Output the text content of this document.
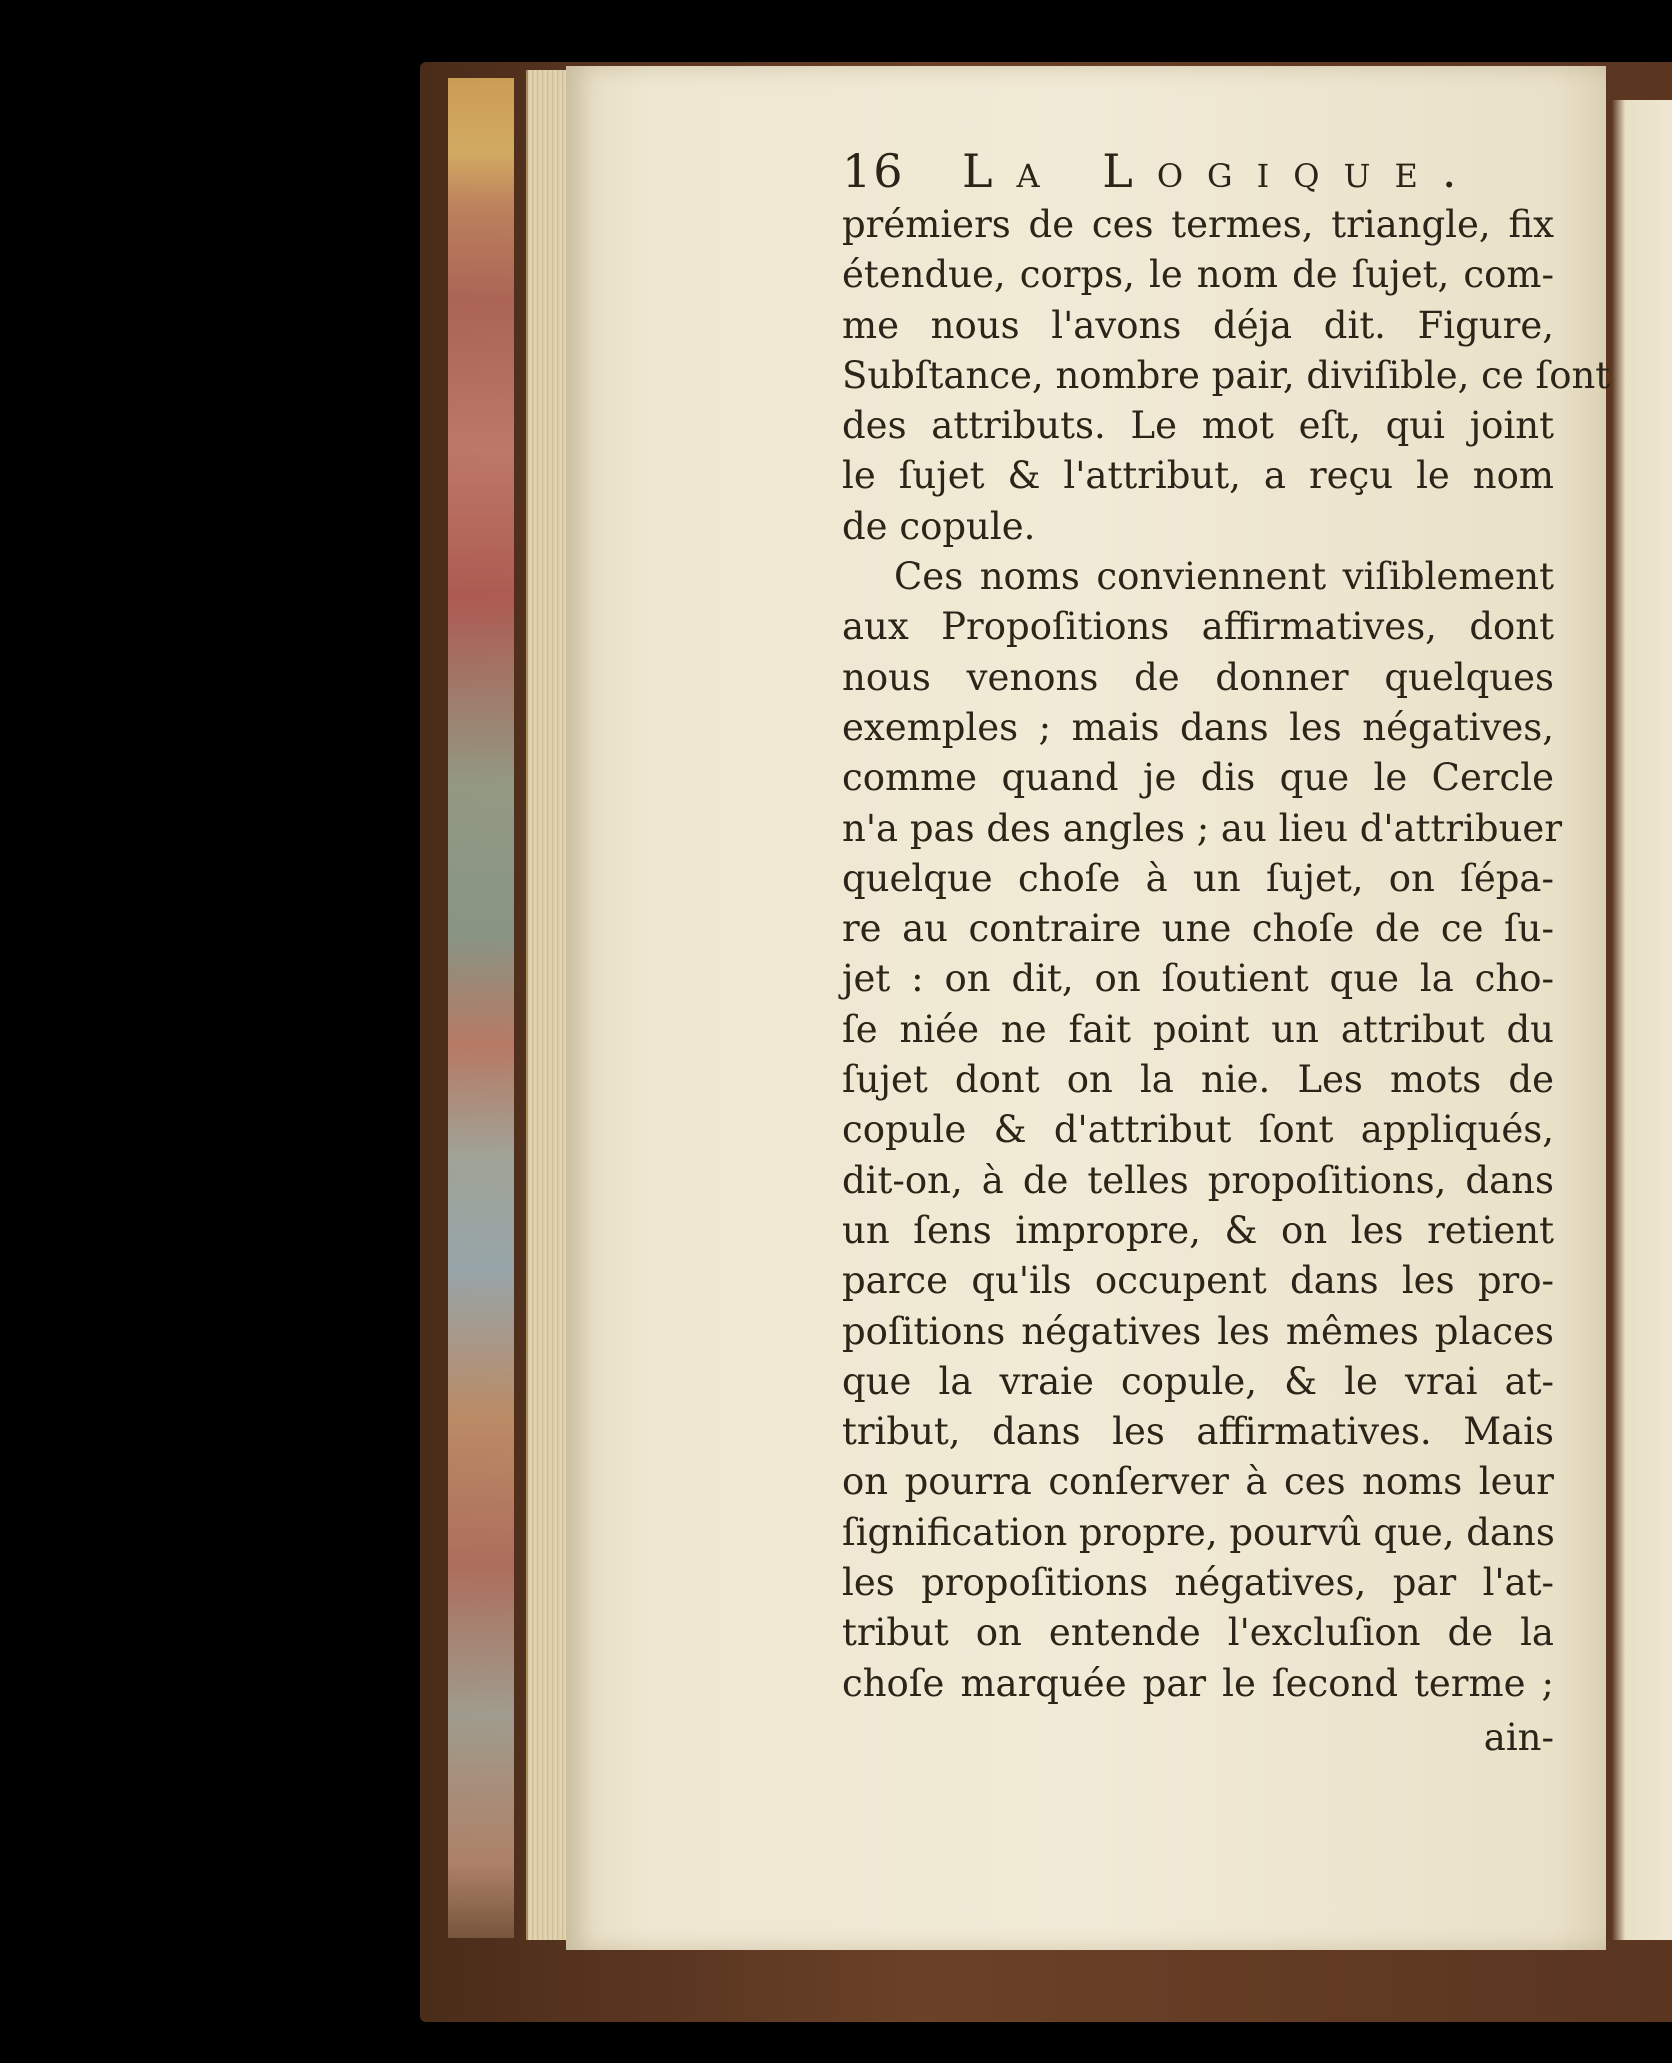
16	La Logique.
prémiers de ces termes, triangle, fix
étendue, corps, le nom de ſujet, com-
me nous l'avons déja dit. Figure,
Subſtance, nombre pair, diviſible, ce ſont
des attributs. Le mot eſt, qui joint
le ſujet & l'attribut, a reçu le nom
de copule.
Ces noms conviennent viſiblement
aux Propoſitions affirmatives, dont
nous venons de donner quelques
exemples ; mais dans les négatives,
comme quand je dis que le Cercle
n'a pas des angles ; au lieu d'attribuer
quelque choſe à un ſujet, on ſépa-
re au contraire une choſe de ce ſu-
jet : on dit, on ſoutient que la cho-
ſe niée ne fait point un attribut du
ſujet dont on la nie. Les mots de
copule & d'attribut ſont appliqués,
dit-on, à de telles propoſitions, dans
un ſens impropre, & on les retient
parce qu'ils occupent dans les pro-
poſitions négatives les mêmes places
que la vraie copule, & le vrai at-
tribut, dans les affirmatives. Mais
on pourra conſerver à ces noms leur
ſignification propre, pourvû que, dans
les propoſitions négatives, par l'at-
tribut on entende l'excluſion de la
choſe marquée par le ſecond terme ;
ain-
